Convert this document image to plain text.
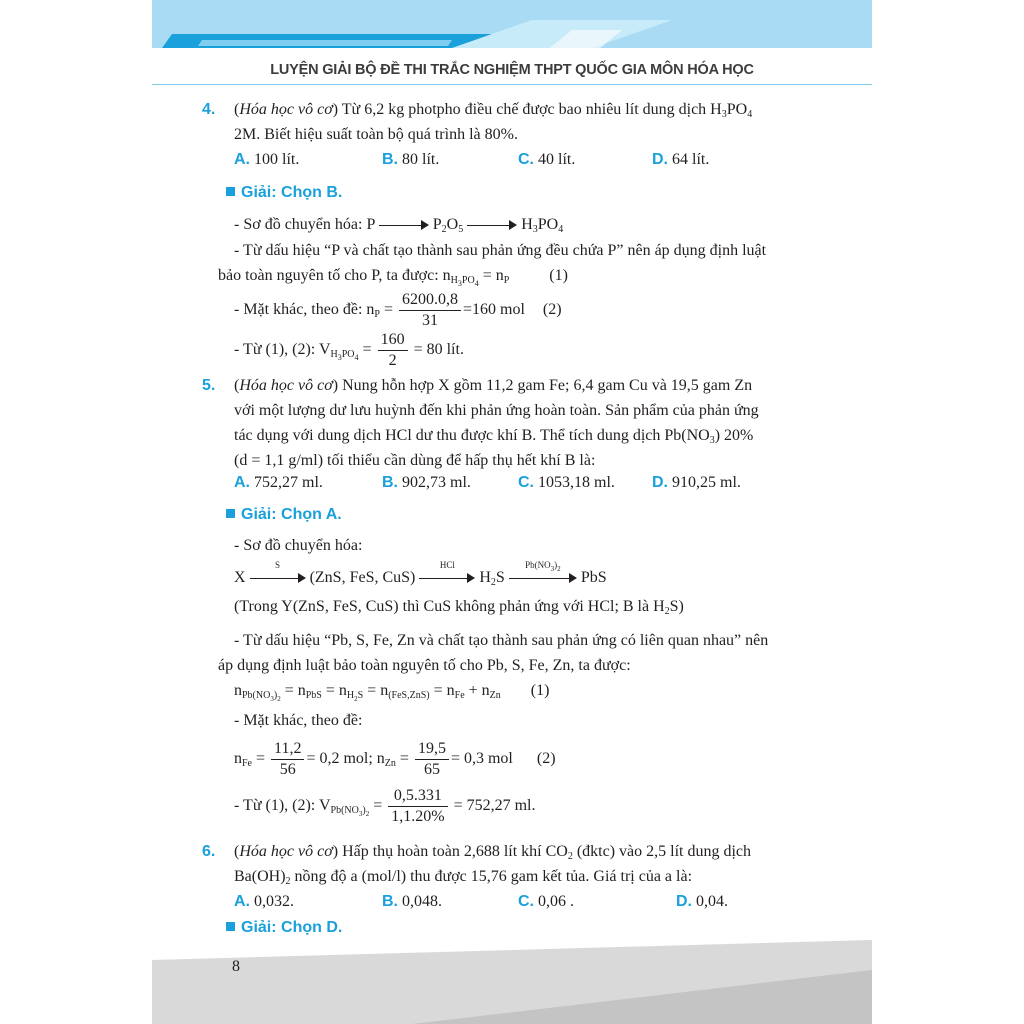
LUYỆN GIẢI BỘ ĐỀ THI TRẮC NGHIỆM THPT QUỐC GIA MÔN HÓA HỌC
4. (Hóa học vô cơ) Từ 6,2 kg photpho điều chế được bao nhiêu lít dung dịch $H_3PO_4$
2M. Biết hiệu suất toàn bộ quá trình là 80%.
A. 100 lít.	B. 80 lít.	C. 40 lít.	D. 64 lít.
Giải: Chọn B.
- Sơ đồ chuyển hóa: P	$P_2O_5$	$H_3PO_4$
- Từ dấu hiệu “P và chất tạo thành sau phản ứng đều chứa P” nên áp dụng định luật
bảo toàn nguyên tố cho P, ta được: $n_{H_3PO_4} = n_P$	(1)
- Mặt khác, theo đề: $n_P = \frac{6200.0,8}{31} =160$ mol (2)
- Từ (1), (2): $V_{H_3PO_4} = \frac{160}{2} = 80$ lít.
5. (Hóa học vô cơ) Nung hỗn hợp X gồm 11,2 gam Fe; 6,4 gam Cu và 19,5 gam Zn
với một lượng dư lưu huỳnh đến khi phản ứng hoàn toàn. Sản phẩm của phản ứng
tác dụng với dung dịch HCl dư thu được khí B. Thể tích dung dịch $Pb(NO_3)$ 20%
(d = 1,1 g/ml) tối thiểu cần dùng để hấp thụ hết khí B là:
A. 752,27 ml.	B. 902,73 ml.	C. 1053,18 ml. D. 910,25 ml.
Giải: Chọn A.
- Sơ đồ chuyển hóa:
X
S
(ZnS, FeS, CuS)
HCl
$H_2S$
$Pb(NO_3)_2$	PbS
(Trong Y(ZnS, FeS, CuS) thì CuS không phản ứng với HCl; B là $H_2S$)
- Từ dấu hiệu “Pb, S, Fe, Zn và chất tạo thành sau phản ứng có liên quan nhau” nên
áp dụng định luật bảo toàn nguyên tố cho Pb, S, Fe, Zn, ta được:
$n_{Pb(NO_3)_2} = n_{PbS} = n_{H_2S} = n_{(FeS,ZnS)} = n_{Fe} + n_{Zn}$ (1)
- Mặt khác, theo đề:
$n_{Fe} = \frac{11,2}{56} = 0,2$ mol; $n_{Zn} = \frac{19,5}{65} = 0,3$ mol (2)
- Từ (1), (2): $V_{Pb(NO_3)_2} = \frac{0,5.331}{1,1.20\%} = 752,27$ ml.
6. (Hóa học vô cơ) Hấp thụ hoàn toàn 2,688 lít khí $CO_2$ (đktc) vào 2,5 lít dung dịch
$Ba(OH)_2$ nồng độ a (mol/l) thu được 15,76 gam kết tủa. Giá trị của a là:
A. 0,032.	B. 0,048.	C. 0,06 .	D. 0,04.
Giải: Chọn D.
8
